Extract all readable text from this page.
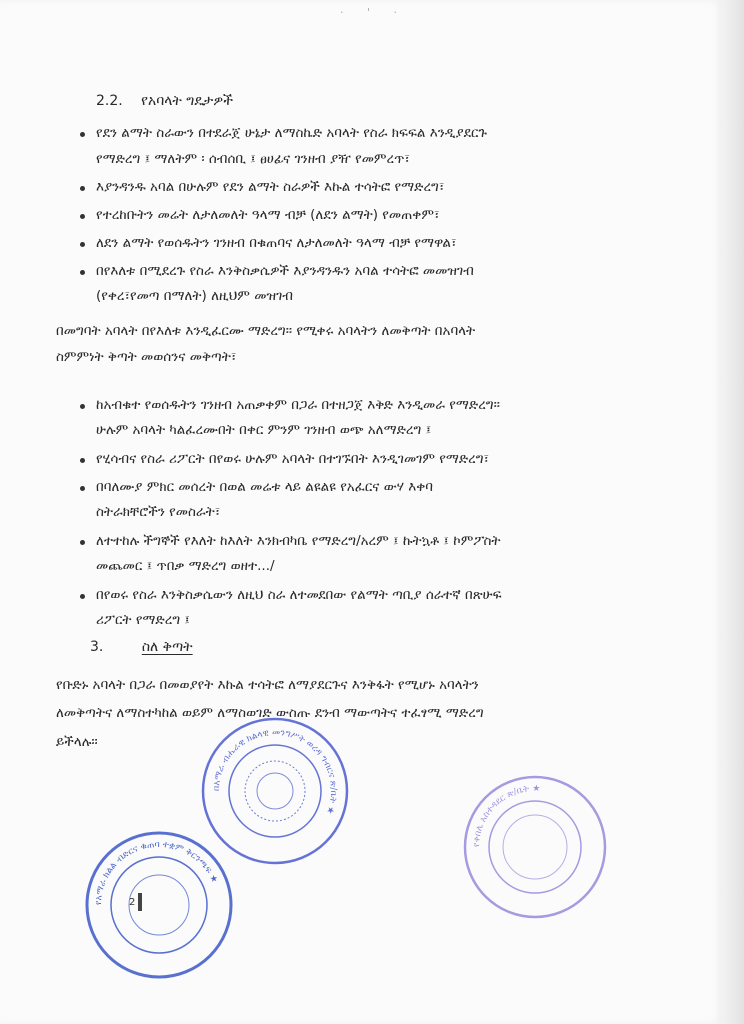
· ' ·
2.2. የአባላት ግዴታዎች
የደን ልማት ስራውን በተደራጀ ሁኔታ ለማስኬድ አባላት የስራ ክፍፍል እንዲያደርጉ
የማድረግ ፤ ማለትም ፡ ሰብሰቢ ፤ ፀሀፊና ገንዘብ ያዥ የመምረጥ፣
እያንዳንዱ አባል በሁሉም የደን ልማት ስራዎች እኩል ተሳትፎ የማድረግ፣
የተረከቡትን መሬት ለታለመለት ዓላማ ብቻ (ለደን ልማት) የመጠቀም፣
ለደን ልማት የወሰዱትን ገንዘብ በቁጠባና ለታለመለት ዓላማ ብቻ የማዋል፣
በየእለቱ በሚደረጉ የስራ እንቅስቃሴዎች እያንዳንዱን አባል ተሳትፎ መመዝገብ
(የቀረ፣የመጣ በማለት) ለዚህም መዝገብ
በመግባት አባላት በየእለቱ እንዲፈርሙ ማድረግ፡፡ የሚቀሩ አባላትን ለመቅጣት በአባላት
ስምምነት ቅጣት መወሰንና መቅጣት፣
ከአብቁተ የወሰዱትን ገንዘብ አጠቃቀም በጋራ በተዘጋጀ እቅድ እንዲመራ የማድረግ፡፡
ሁሉም አባላት ካልፈረሙበት በቀር ምንም ገንዘብ ወጭ አለማድረግ ፤
የሂሳብና የስራ ሪፖርት በየወሩ ሁሉም አባላት በተገኙበት እንዲገመገም የማድረግ፣
በባለሙያ ምክር መሰረት በወል መሬቱ ላይ ልዩልዩ የአፈርና ውሃ እቀባ
ስትራክቸሮችን የመስራት፣
ለተተከሉ ችግኞች የእለት ከእለት እንክብካቤ የማድረግ/አረም ፤ ኩትኳቶ ፤ ኮምፖስት
መጨመር ፤ ጥበቃ ማድረግ ወዘተ.../
በየወሩ የስራ እንቅስቃሴውን ለዚህ ስራ ለተመደበው የልማት ጣቢያ ሰራተኛ በጽሁፍ
ሪፖርት የማድረግ ፤
3.	ስለ ቅጣት
የቡድኑ አባላት በጋራ በመወያየት እኩል ተሳትፎ ለማያደርጉና እንቅፋት የሚሆኑ አባላትን
ለመቅጣትና ለማስተካከል ወይም ለማስወገድ ውስጡ ደንብ ማውጣትና ተፈፃሚ ማድረግ
ይችላሉ፡፡
በአማራ ብሔራዊ ክልላዊ መንግሥት ወረዳ ግብርና ጽ/ቤት ★
የአማራ ክልል ብድርና ቁጠባ ተቋም ቅርንጫፍ ★
የቀበሌ አስተዳደር ጽ/ቤት ★
2
